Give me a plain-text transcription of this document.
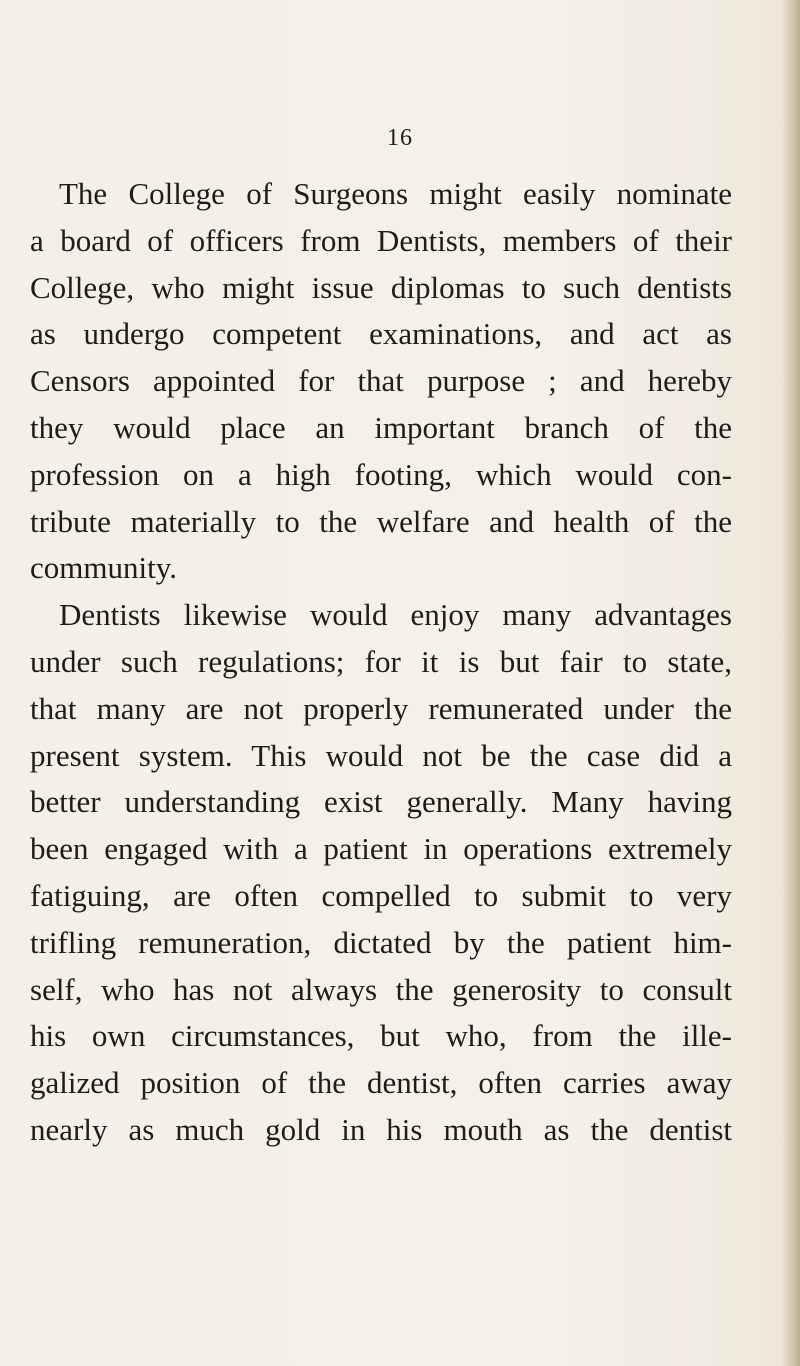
16
The College of Surgeons might easily nominate
a board of officers from Dentists, members of their
College, who might issue diplomas to such dentists
as undergo competent examinations, and act as
Censors appointed for that purpose ; and hereby
they would place an important branch of the
profession on a high footing, which would con-
tribute materially to the welfare and health of the
community.
Dentists likewise would enjoy many advantages
under such regulations; for it is but fair to state,
that many are not properly remunerated under the
present system. This would not be the case did a
better understanding exist generally. Many having
been engaged with a patient in operations extremely
fatiguing, are often compelled to submit to very
trifling remuneration, dictated by the patient him-
self, who has not always the generosity to consult
his own circumstances, but who, from the ille-
galized position of the dentist, often carries away
nearly as much gold in his mouth as the dentist
